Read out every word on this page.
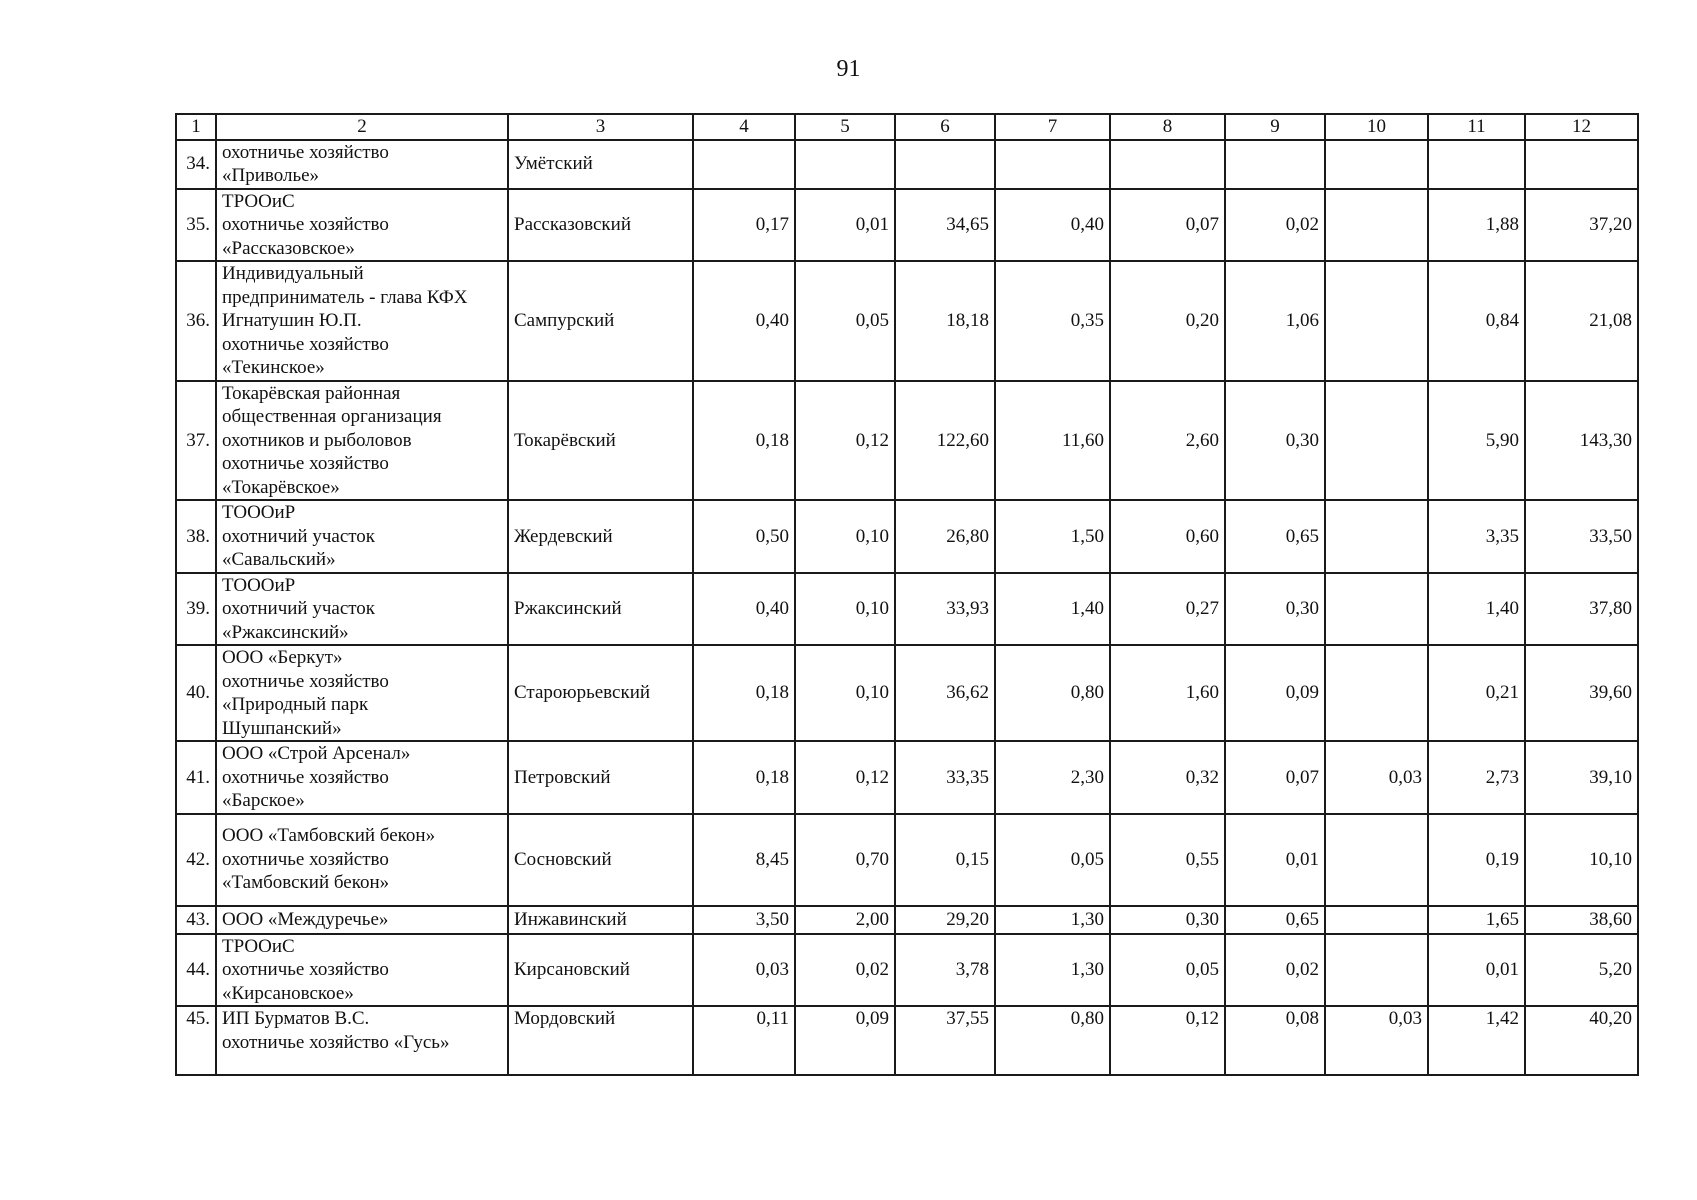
91
1	2	3	4	5	6	7	8	9	10	11	12
34.	охотничье хозяйство
«Приволье»	Умётский									
35.	ТРООиС
охотничье хозяйство
«Рассказовское»	Рассказовский	0,17	0,01	34,65	0,40	0,07	0,02		1,88	37,20
36.	Индивидуальный
предприниматель - глава КФХ
Игнатушин Ю.П.
охотничье хозяйство
«Текинское»	Сампурский	0,40	0,05	18,18	0,35	0,20	1,06		0,84	21,08
37.	Токарёвская районная
общественная организация
охотников и рыболовов
охотничье хозяйство
«Токарёвское»	Токарёвский	0,18	0,12	122,60	11,60	2,60	0,30		5,90	143,30
38.	ТОООиР
охотничий участок
«Савальский»	Жердевский	0,50	0,10	26,80	1,50	0,60	0,65		3,35	33,50
39.	ТОООиР
охотничий участок
«Ржаксинский»	Ржаксинский	0,40	0,10	33,93	1,40	0,27	0,30		1,40	37,80
40.	ООО «Беркут»
охотничье хозяйство
«Природный парк
Шушпанский»	Староюрьевский	0,18	0,10	36,62	0,80	1,60	0,09		0,21	39,60
41.	ООО «Строй Арсенал»
охотничье хозяйство
«Барское»	Петровский	0,18	0,12	33,35	2,30	0,32	0,07	0,03	2,73	39,10
42.	ООО «Тамбовский бекон»
охотничье хозяйство
«Тамбовский бекон»	Сосновский	8,45	0,70	0,15	0,05	0,55	0,01		0,19	10,10
43.	ООО «Междуречье»	Инжавинский	3,50	2,00	29,20	1,30	0,30	0,65		1,65	38,60
44.	ТРООиС
охотничье хозяйство
«Кирсановское»	Кирсановский	0,03	0,02	3,78	1,30	0,05	0,02		0,01	5,20
45.	ИП Бурматов В.С.
охотничье хозяйство «Гусь»	Мордовский	0,11	0,09	37,55	0,80	0,12	0,08	0,03	1,42	40,20
